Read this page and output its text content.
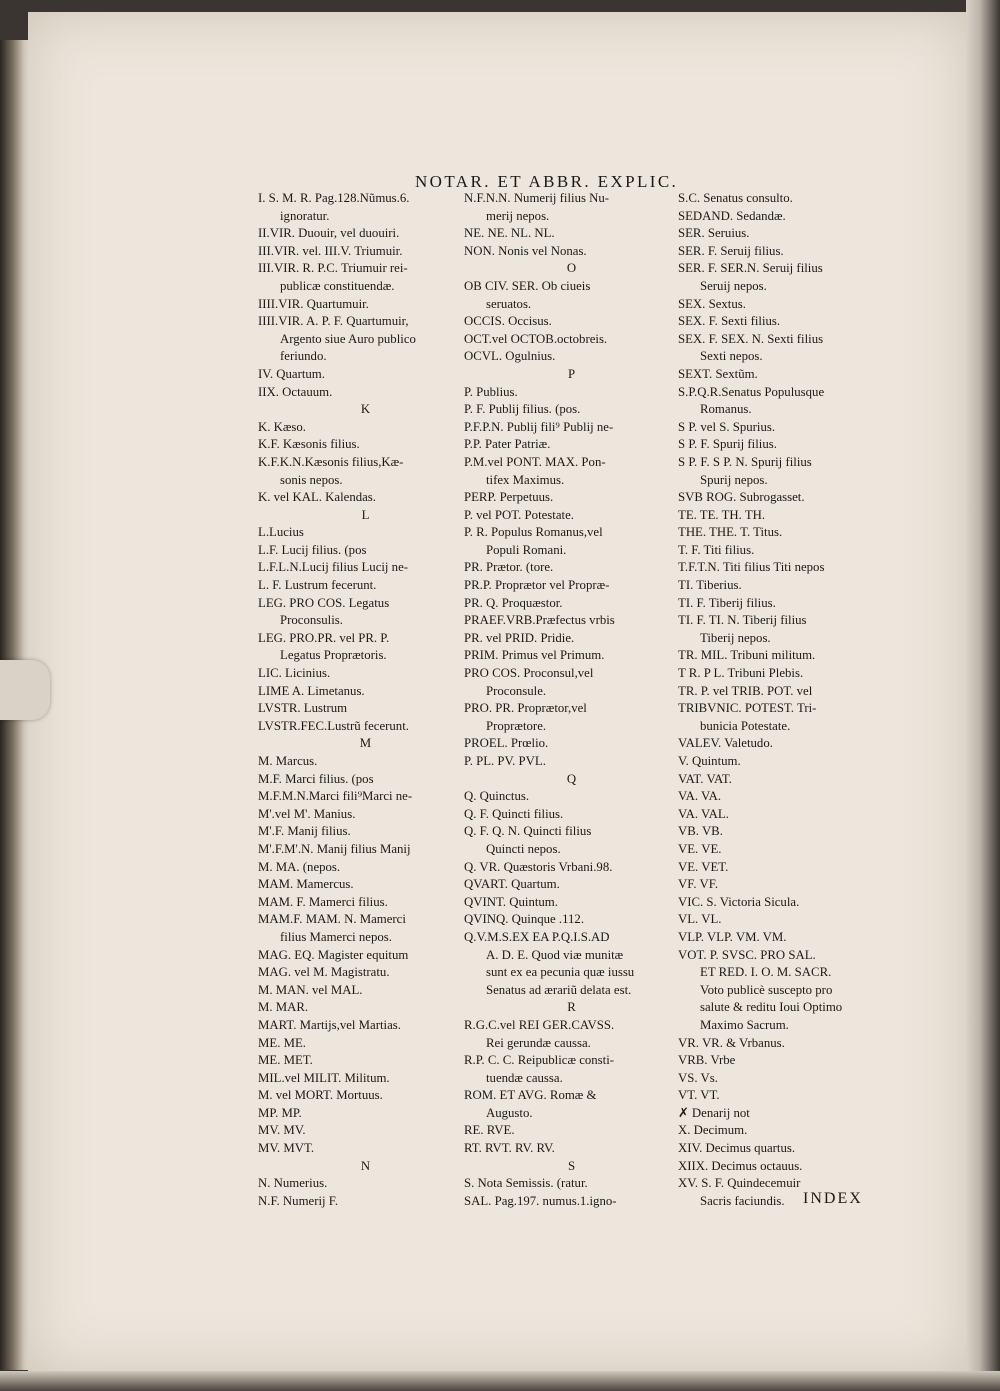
NOTAR. ET ABBR. EXPLIC.
I. S. M. R. Pag.128.Nũmus.6.
ignoratur.
II.VIR. Duouir, vel duouiri.
III.VIR. vel. III.V. Triumuir.
III.VIR. R. P.C. Triumuir rei-
publicæ constituendæ.
IIII.VIR. Quartumuir.
IIII.VIR. A. P. F. Quartumuir,
Argento siue Auro publico
feriundo.
IV. Quartum.
IIX. Octauum.
K
K. Kæso.
K.F. Kæsonis filius.
K.F.K.N.Kæsonis filius,Kæ-
sonis nepos.
K. vel KAL. Kalendas.
L
L.Lucius
L.F. Lucij filius. (pos
L.F.L.N.Lucij filius Lucij ne-
L. F. Lustrum fecerunt.
LEG. PRO COS. Legatus
Proconsulis.
LEG. PRO.PR. vel PR. P.
Legatus Proprætoris.
LIC. Licinius.
LIME A. Limetanus.
LVSTR. Lustrum
LVSTR.FEC.Lustrũ fecerunt.
M
M. Marcus.
M.F. Marci filius. (pos
M.F.M.N.Marci fili⁹Marci ne-
M'.vel M'. Manius.
M'.F. Manij filius.
M'.F.M'.N. Manij filius Manij
M. MA. (nepos.
MAM. Mamercus.
MAM. F. Mamerci filius.
MAM.F. MAM. N. Mamerci
filius Mamerci nepos.
MAG. EQ. Magister equitum
MAG. vel M. Magistratu.
M. MAN. vel MAL.
M. MAR.
MART. Martijs,vel Martias.
ME. ME.
ME. MET.
MIL.vel MILIT. Militum.
M. vel MORT. Mortuus.
MP. MP.
MV. MV.
MV. MVT.
N
N. Numerius.
N.F. Numerij F.
N.F.N.N. Numerij filius Nu-
merij nepos.
NE. NE. NL. NL.
NON. Nonis vel Nonas.
O
OB CIV. SER. Ob ciueis
seruatos.
OCCIS. Occisus.
OCT.vel OCTOB.octobreis.
OCVL. Ogulnius.
P
P. Publius.
P. F. Publij filius. (pos.
P.F.P.N. Publij fili⁹ Publij ne-
P.P. Pater Patriæ.
P.M.vel PONT. MAX. Pon-
tifex Maximus.
PERP. Perpetuus.
P. vel POT. Potestate.
P. R. Populus Romanus,vel
Populi Romani.
PR. Prætor. (tore.
PR.P. Proprætor vel Propræ-
PR. Q. Proquæstor.
PRAEF.VRB.Præfectus vrbis
PR. vel PRID. Pridie.
PRIM. Primus vel Primum.
PRO COS. Proconsul,vel
Proconsule.
PRO. PR. Proprætor,vel
Proprætore.
PROEL. Prœlio.
P. PL. PV. PVL.
Q
Q. Quinctus.
Q. F. Quincti filius.
Q. F. Q. N. Quincti filius
Quincti nepos.
Q. VR. Quæstoris Vrbani.98.
QVART. Quartum.
QVINT. Quintum.
QVINQ. Quinque .112.
Q.V.M.S.EX EA P.Q.I.S.AD
A. D. E. Quod viæ munitæ
sunt ex ea pecunia quæ iussu
Senatus ad ærariũ delata est.
R
R.G.C.vel REI GER.CAVSS.
Rei gerundæ caussa.
R.P. C. C. Reipublicæ consti-
tuendæ caussa.
ROM. ET AVG. Romæ &
Augusto.
RE. RVE.
RT. RVT. RV. RV.
S
S. Nota Semissis. (ratur.
SAL. Pag.197. numus.1.igno-
S.C. Senatus consulto.
SEDAND. Sedandæ.
SER. Seruius.
SER. F. Seruij filius.
SER. F. SER.N. Seruij filius
Seruij nepos.
SEX. Sextus.
SEX. F. Sexti filius.
SEX. F. SEX. N. Sexti filius
Sexti nepos.
SEXT. Sextũm.
S.P.Q.R.Senatus Populusque
Romanus.
S P. vel S. Spurius.
S P. F. Spurij filius.
S P. F. S P. N. Spurij filius
Spurij nepos.
SVB ROG. Subrogasset.
TE. TE. TH. TH.
THE. THE. T. Titus.
T. F. Titi filius.
T.F.T.N. Titi filius Titi nepos
TI. Tiberius.
TI. F. Tiberij filius.
TI. F. TI. N. Tiberij filius
Tiberij nepos.
TR. MIL. Tribuni militum.
T R. P L. Tribuni Plebis.
TR. P. vel TRIB. POT. vel
TRIBVNIC. POTEST. Tri-
bunicia Potestate.
VALEV. Valetudo.
V. Quintum.
VAT. VAT.
VA. VA.
VA. VAL.
VB. VB.
VE. VE.
VE. VET.
VF. VF.
VIC. S. Victoria Sicula.
VL. VL.
VLP. VLP. VM. VM.
VOT. P. SVSC. PRO SAL.
ET RED. I. O. M. SACR.
Voto publicè suscepto pro
salute & reditu Ioui Optimo
Maximo Sacrum.
VR. VR. & Vrbanus.
VRB. Vrbe
VS. Vs.
VT. VT.
✗ Denarij not
X. Decimum.
XIV. Decimus quartus.
XIIX. Decimus octauus.
XV. S. F. Quindecemuir
Sacris faciundis.	INDEX
